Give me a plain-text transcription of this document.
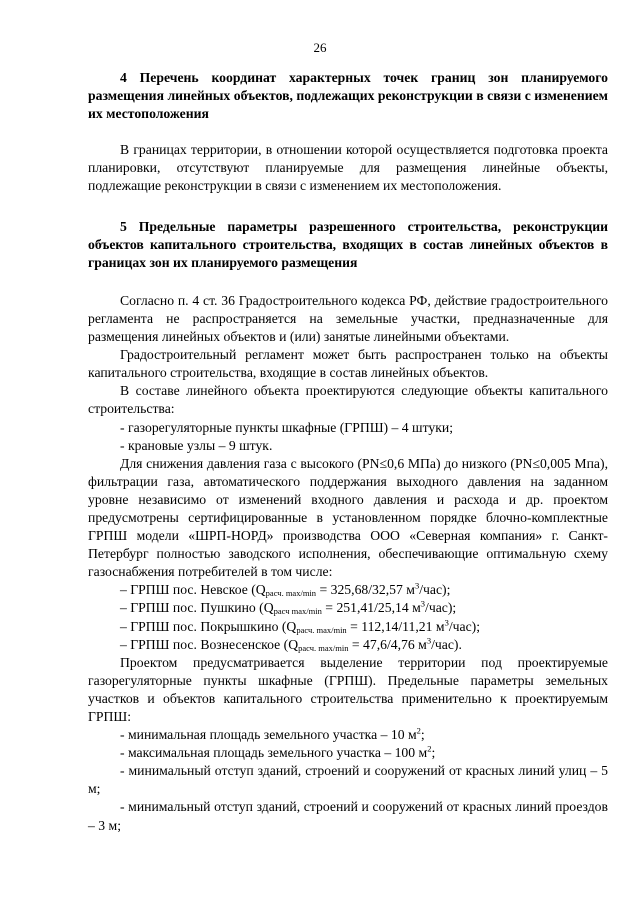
26

4 Перечень координат характерных точек границ зон планируемого размещения линейных объектов, подлежащих реконструкции в связи с изменением их местоположения

В границах территории, в отношении которой осуществляется подготовка проекта планировки, отсутствуют планируемые для размещения линейные объекты, подлежащие реконструкции в связи с изменением их местоположения.

5 Предельные параметры разрешенного строительства, реконструкции объектов капитального строительства, входящих в состав линейных объектов в границах зон их планируемого размещения

Согласно п. 4 ст. 36 Градостроительного кодекса РФ, действие градостроительного регламента не распространяется на земельные участки, предназначенные для размещения линейных объектов и (или) занятые линейными объектами.

Градостроительный регламент может быть распространен только на объекты капитального строительства, входящие в состав линейных объектов.

В составе линейного объекта проектируются следующие объекты капитального строительства:

- газорегуляторные пункты шкафные (ГРПШ) – 4 штуки;

- крановые узлы – 9 штук.

Для снижения давления газа с высокого (PN≤0,6 МПа) до низкого (PN≤0,005 Мпа), фильтрации газа, автоматического поддержания выходного давления на заданном уровне независимо от изменений входного давления и расхода и др. проектом предусмотрены сертифицированные в установленном порядке блочно-комплектные ГРПШ модели «ШРП-НОРД» производства ООО «Северная компания» г. Санкт-Петербург полностью заводского исполнения, обеспечивающие оптимальную схему газоснабжения потребителей в том числе:

– ГРПШ пос. Невское ($Q_{расч. max/min} = 325,68/32,57$ $м^3/час$);

– ГРПШ пос. Пушкино ($Q_{расч max/min} = 251,41/25,14$ $м^3/час$);

– ГРПШ пос. Покрышкино ($Q_{расч. max/min} = 112,14/11,21$ $м^3/час$);

– ГРПШ пос. Вознесенское ($Q_{расч. max/min} = 47,6/4,76$ $м^3/час$).

Проектом предусматривается выделение территории под проектируемые газорегуляторные пункты шкафные (ГРПШ). Предельные параметры земельных участков и объектов капитального строительства применительно к проектируемым ГРПШ:

- минимальная площадь земельного участка – 10 $м^2$;

- максимальная площадь земельного участка – 100 $м^2$;

- минимальный отступ зданий, строений и сооружений от красных линий улиц – 5 м;

- минимальный отступ зданий, строений и сооружений от красных линий проездов – 3 м;
